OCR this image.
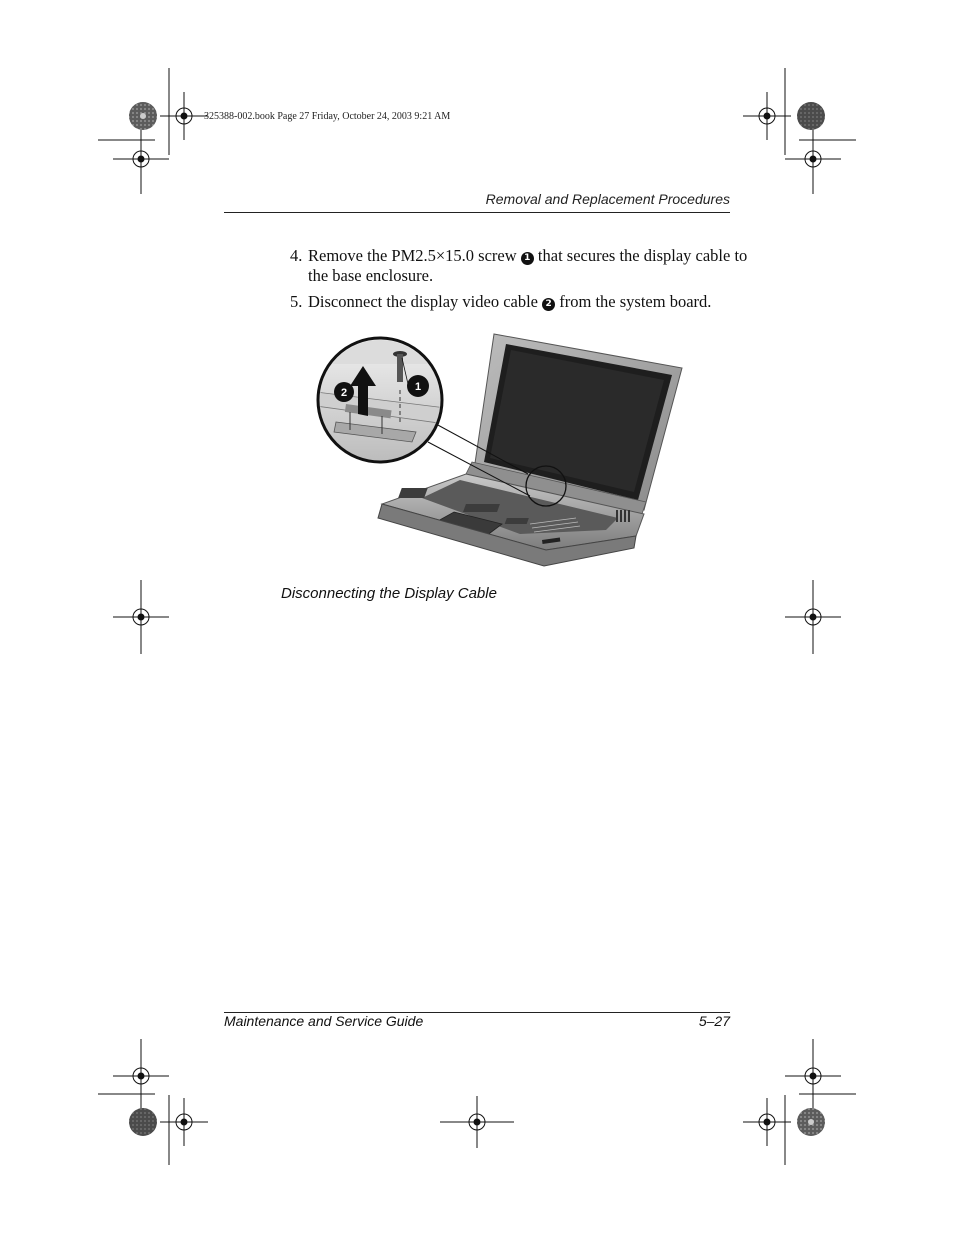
325388-002.book Page 27 Friday, October 24, 2003 9:21 AM
Removal and Replacement Procedures
4. Remove the PM2.5×15.0 screw 1 that secures the display cable to the base enclosure.
5. Disconnect the display video cable 2 from the system board.
1
2
Disconnecting the Display Cable
Maintenance and Service Guide	5–27
